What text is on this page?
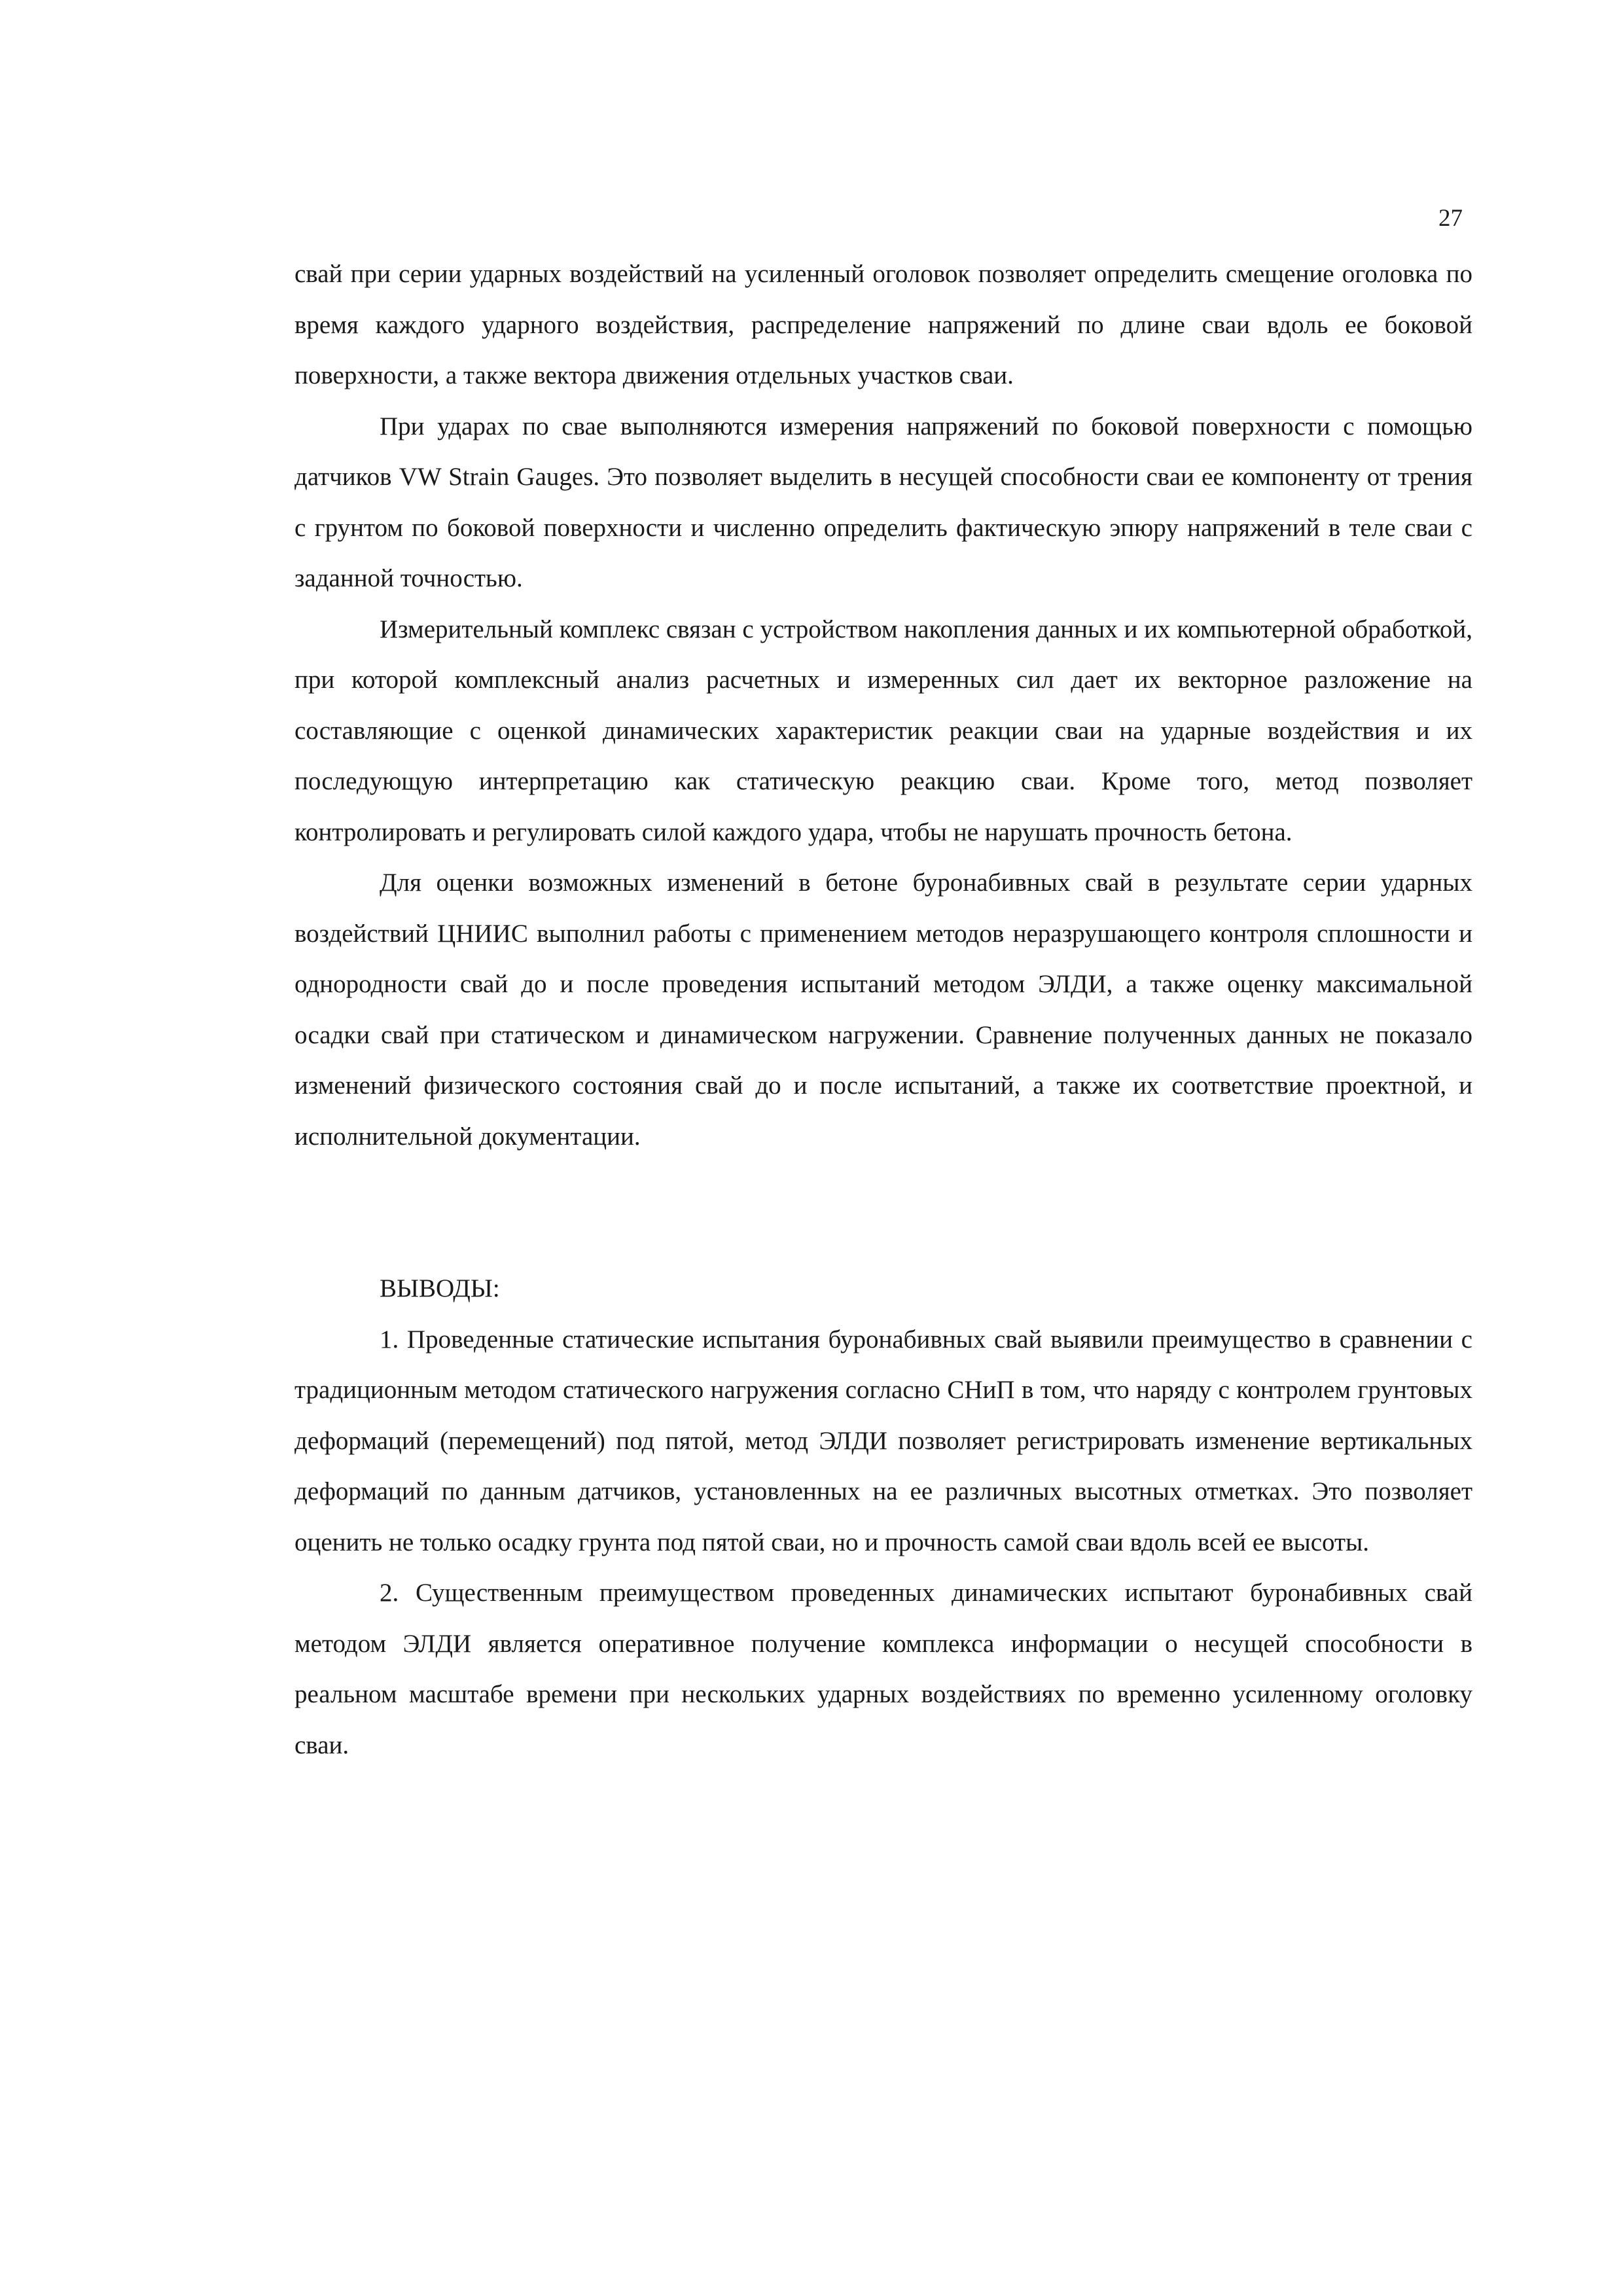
27

свай при серии ударных воздействий на усиленный оголовок позволяет определить смещение оголовка по время каждого ударного воздействия, распределение напряжений по длине сваи вдоль ее боковой поверхности, а также вектора движения отдельных участков сваи.

При ударах по свае выполняются измерения напряжений по боковой поверхности с помощью датчиков VW Strain Gauges. Это позволяет выделить в несущей способности сваи ее компоненту от трения с грунтом по боковой поверхности и численно определить фактическую эпюру напряжений в теле сваи с заданной точностью.

Измерительный комплекс связан с устройством накопления данных и их компьютерной обработкой, при которой комплексный анализ расчетных и измеренных сил дает их векторное разложение на составляющие с оценкой динамических характеристик реакции сваи на ударные воздействия и их последующую интерпретацию как статическую реакцию сваи. Кроме того, метод позволяет контролировать и регулировать силой каждого удара, чтобы не нарушать прочность бетона.

Для оценки возможных изменений в бетоне буронабивных свай в результате серии ударных воздействий ЦНИИС выполнил работы с применением методов неразрушающего контроля сплошности и однородности свай до и после проведения испытаний методом ЭЛДИ, а также оценку максимальной осадки свай при статическом и динамическом нагружении. Сравнение полученных данных не показало изменений физического состояния свай до и после испытаний, а также их соответствие проектной, и исполнительной документации.

ВЫВОДЫ:

1. Проведенные статические испытания буронабивных свай выявили преимущество в сравнении с традиционным методом статического нагружения согласно СНиП в том, что наряду с контролем грунтовых деформаций (перемещений) под пятой, метод ЭЛДИ позволяет регистрировать изменение вертикальных деформаций по данным датчиков, установленных на ее различных высотных отметках. Это позволяет оценить не только осадку грунта под пятой сваи, но и прочность самой сваи вдоль всей ее высоты.

2. Существенным преимуществом проведенных динамических испытают буронабивных свай методом ЭЛДИ является оперативное получение комплекса информации о несущей способности в реальном масштабе времени при нескольких ударных воздействиях по временно усиленному оголовку сваи.
